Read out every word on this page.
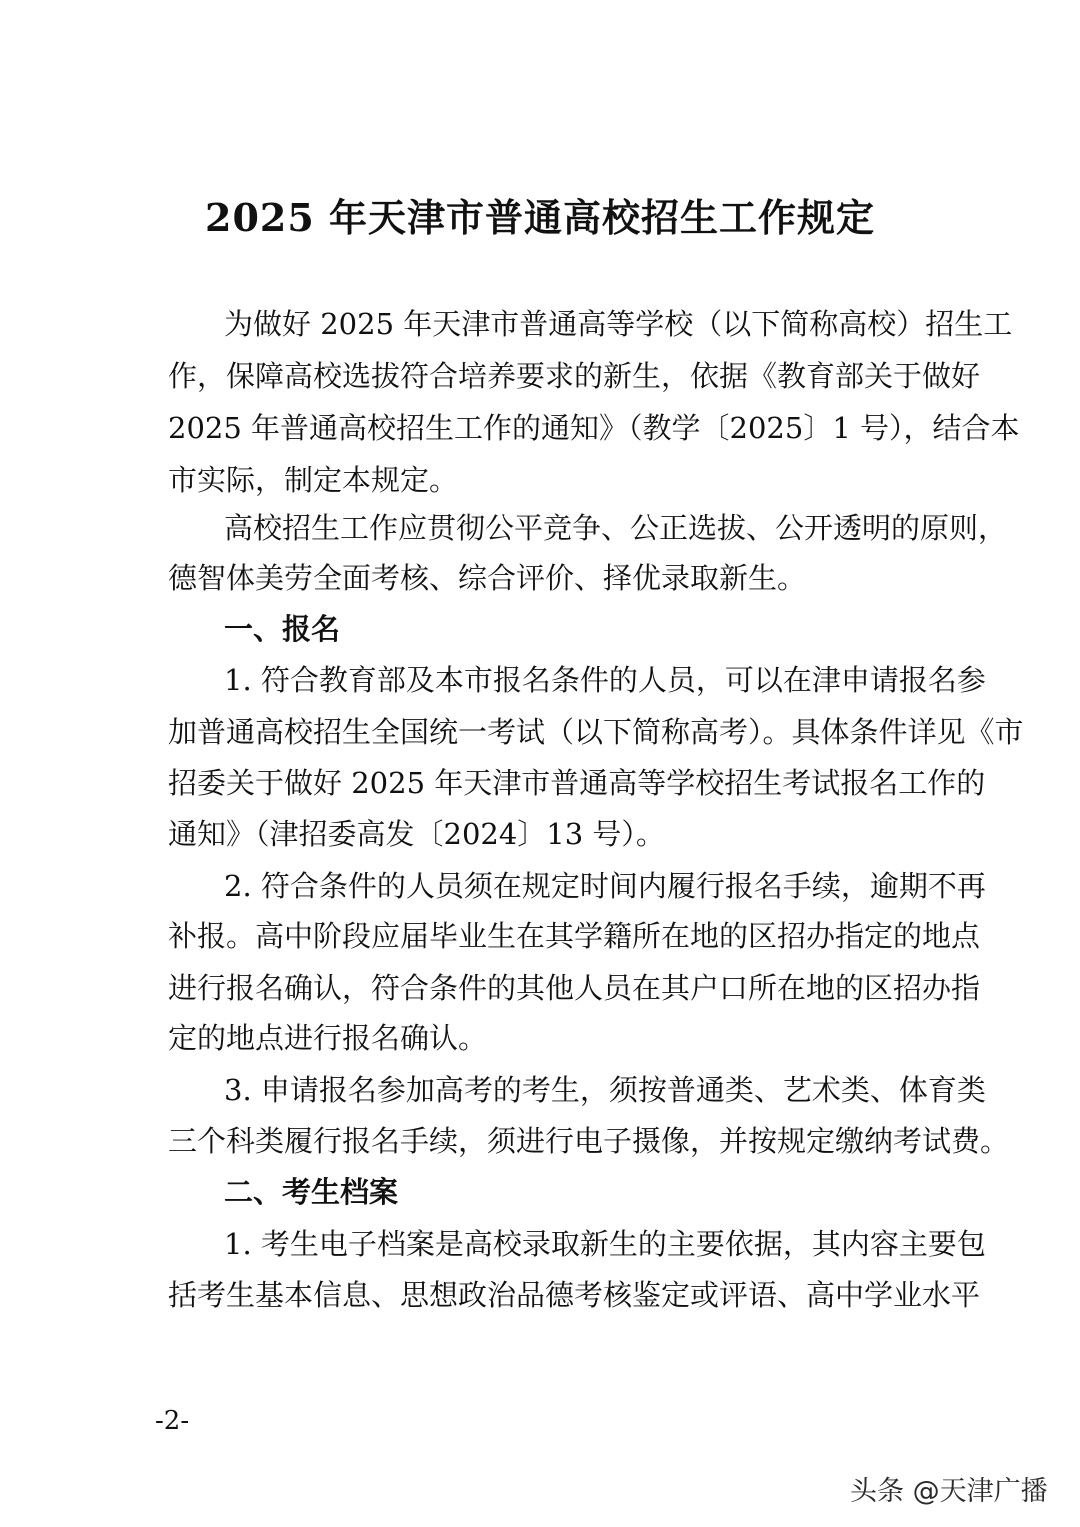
2025 年天津市普通高校招生工作规定
为做好 2025 年天津市普通高等学校（以下简称高校）招生工
作，保障高校选拔符合培养要求的新生，依据《教育部关于做好
2025 年普通高校招生工作的通知》（教学〔2025〕1 号），结合本
市实际，制定本规定。
高校招生工作应贯彻公平竞争、公正选拔、公开透明的原则，
德智体美劳全面考核、综合评价、择优录取新生。
一、报名
1. 符合教育部及本市报名条件的人员，可以在津申请报名参
加普通高校招生全国统一考试（以下简称高考）。具体条件详见《市
招委关于做好 2025 年天津市普通高等学校招生考试报名工作的
通知》（津招委高发〔2024〕13 号）。
2. 符合条件的人员须在规定时间内履行报名手续，逾期不再
补报。高中阶段应届毕业生在其学籍所在地的区招办指定的地点
进行报名确认，符合条件的其他人员在其户口所在地的区招办指
定的地点进行报名确认。
3. 申请报名参加高考的考生，须按普通类、艺术类、体育类
三个科类履行报名手续，须进行电子摄像，并按规定缴纳考试费。
二、考生档案
1. 考生电子档案是高校录取新生的主要依据，其内容主要包
括考生基本信息、思想政治品德考核鉴定或评语、高中学业水平
-2-
头条 @天津广播
